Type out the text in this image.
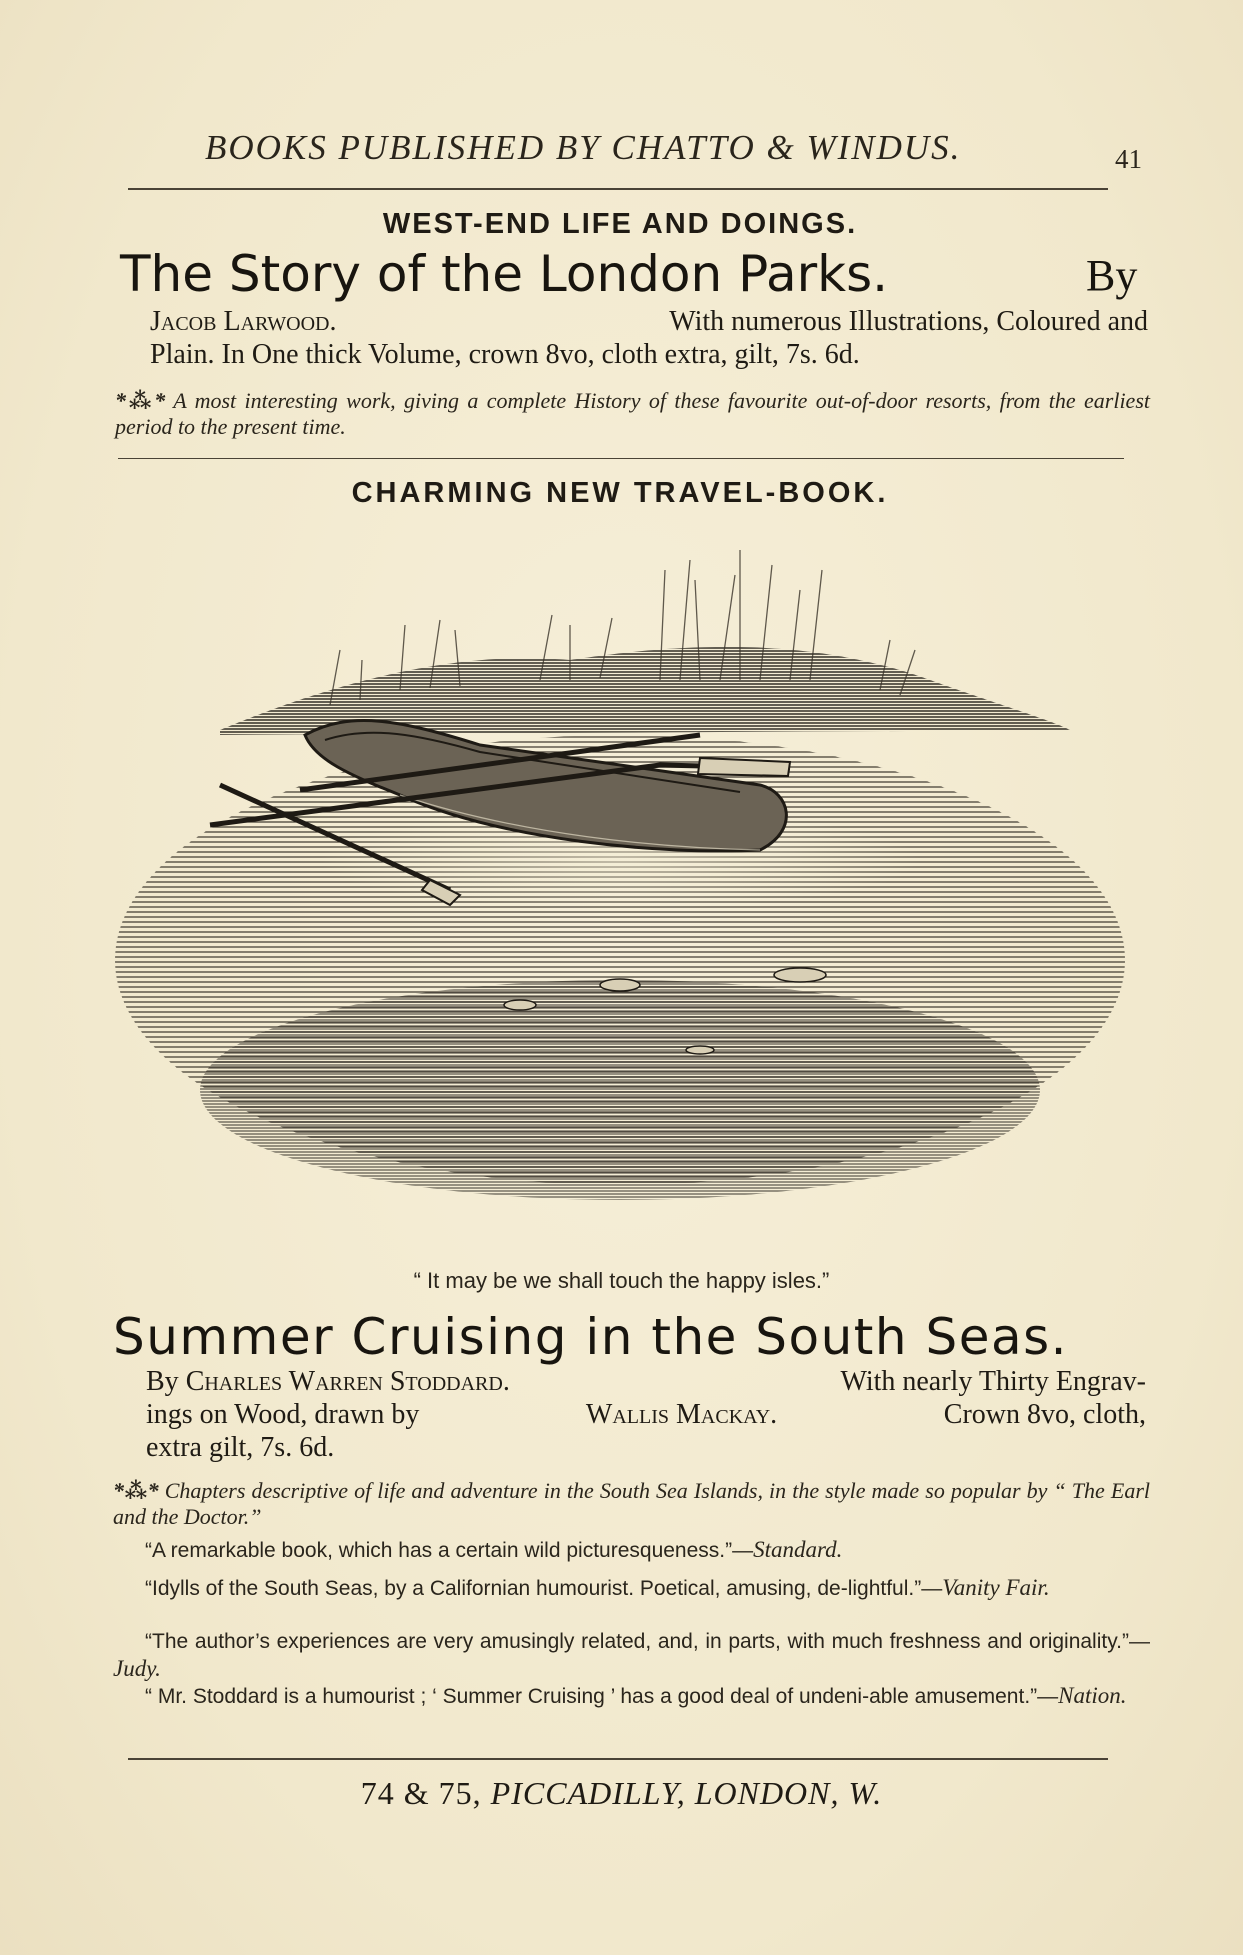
BOOKS PUBLISHED BY CHATTO & WINDUS.	41
WEST-END LIFE AND DOINGS.
The Story of the London Parks.	By
Jacob Larwood.	With numerous Illustrations, Coloured and
Plain. In One thick Volume, crown 8vo, cloth extra, gilt, 7s. 6d.
*⁂* A most interesting work, giving a complete History of these favourite out-of-door resorts, from the earliest period to the present time.
CHARMING NEW TRAVEL-BOOK.
“ It may be we shall touch the happy isles.”
Summer Cruising in the South Seas.
By Charles Warren Stoddard.	With nearly Thirty Engrav-
ings on Wood, drawn by	Wallis Mackay.	Crown 8vo, cloth,
extra gilt, 7s. 6d.
*⁂* Chapters descriptive of life and adventure in the South Sea Islands, in the style made so popular by “ The Earl and the Doctor.”
“A remarkable book, which has a certain wild picturesqueness.”—Standard.
“Idylls of the South Seas, by a Californian humourist. Poetical, amusing, de-lightful.”—Vanity Fair.
“The author’s experiences are very amusingly related, and, in parts, with much freshness and originality.”—Judy.
“ Mr. Stoddard is a humourist ; ‘ Summer Cruising ’ has a good deal of undeni-able amusement.”—Nation.
74 & 75, PICCADILLY, LONDON, W.
